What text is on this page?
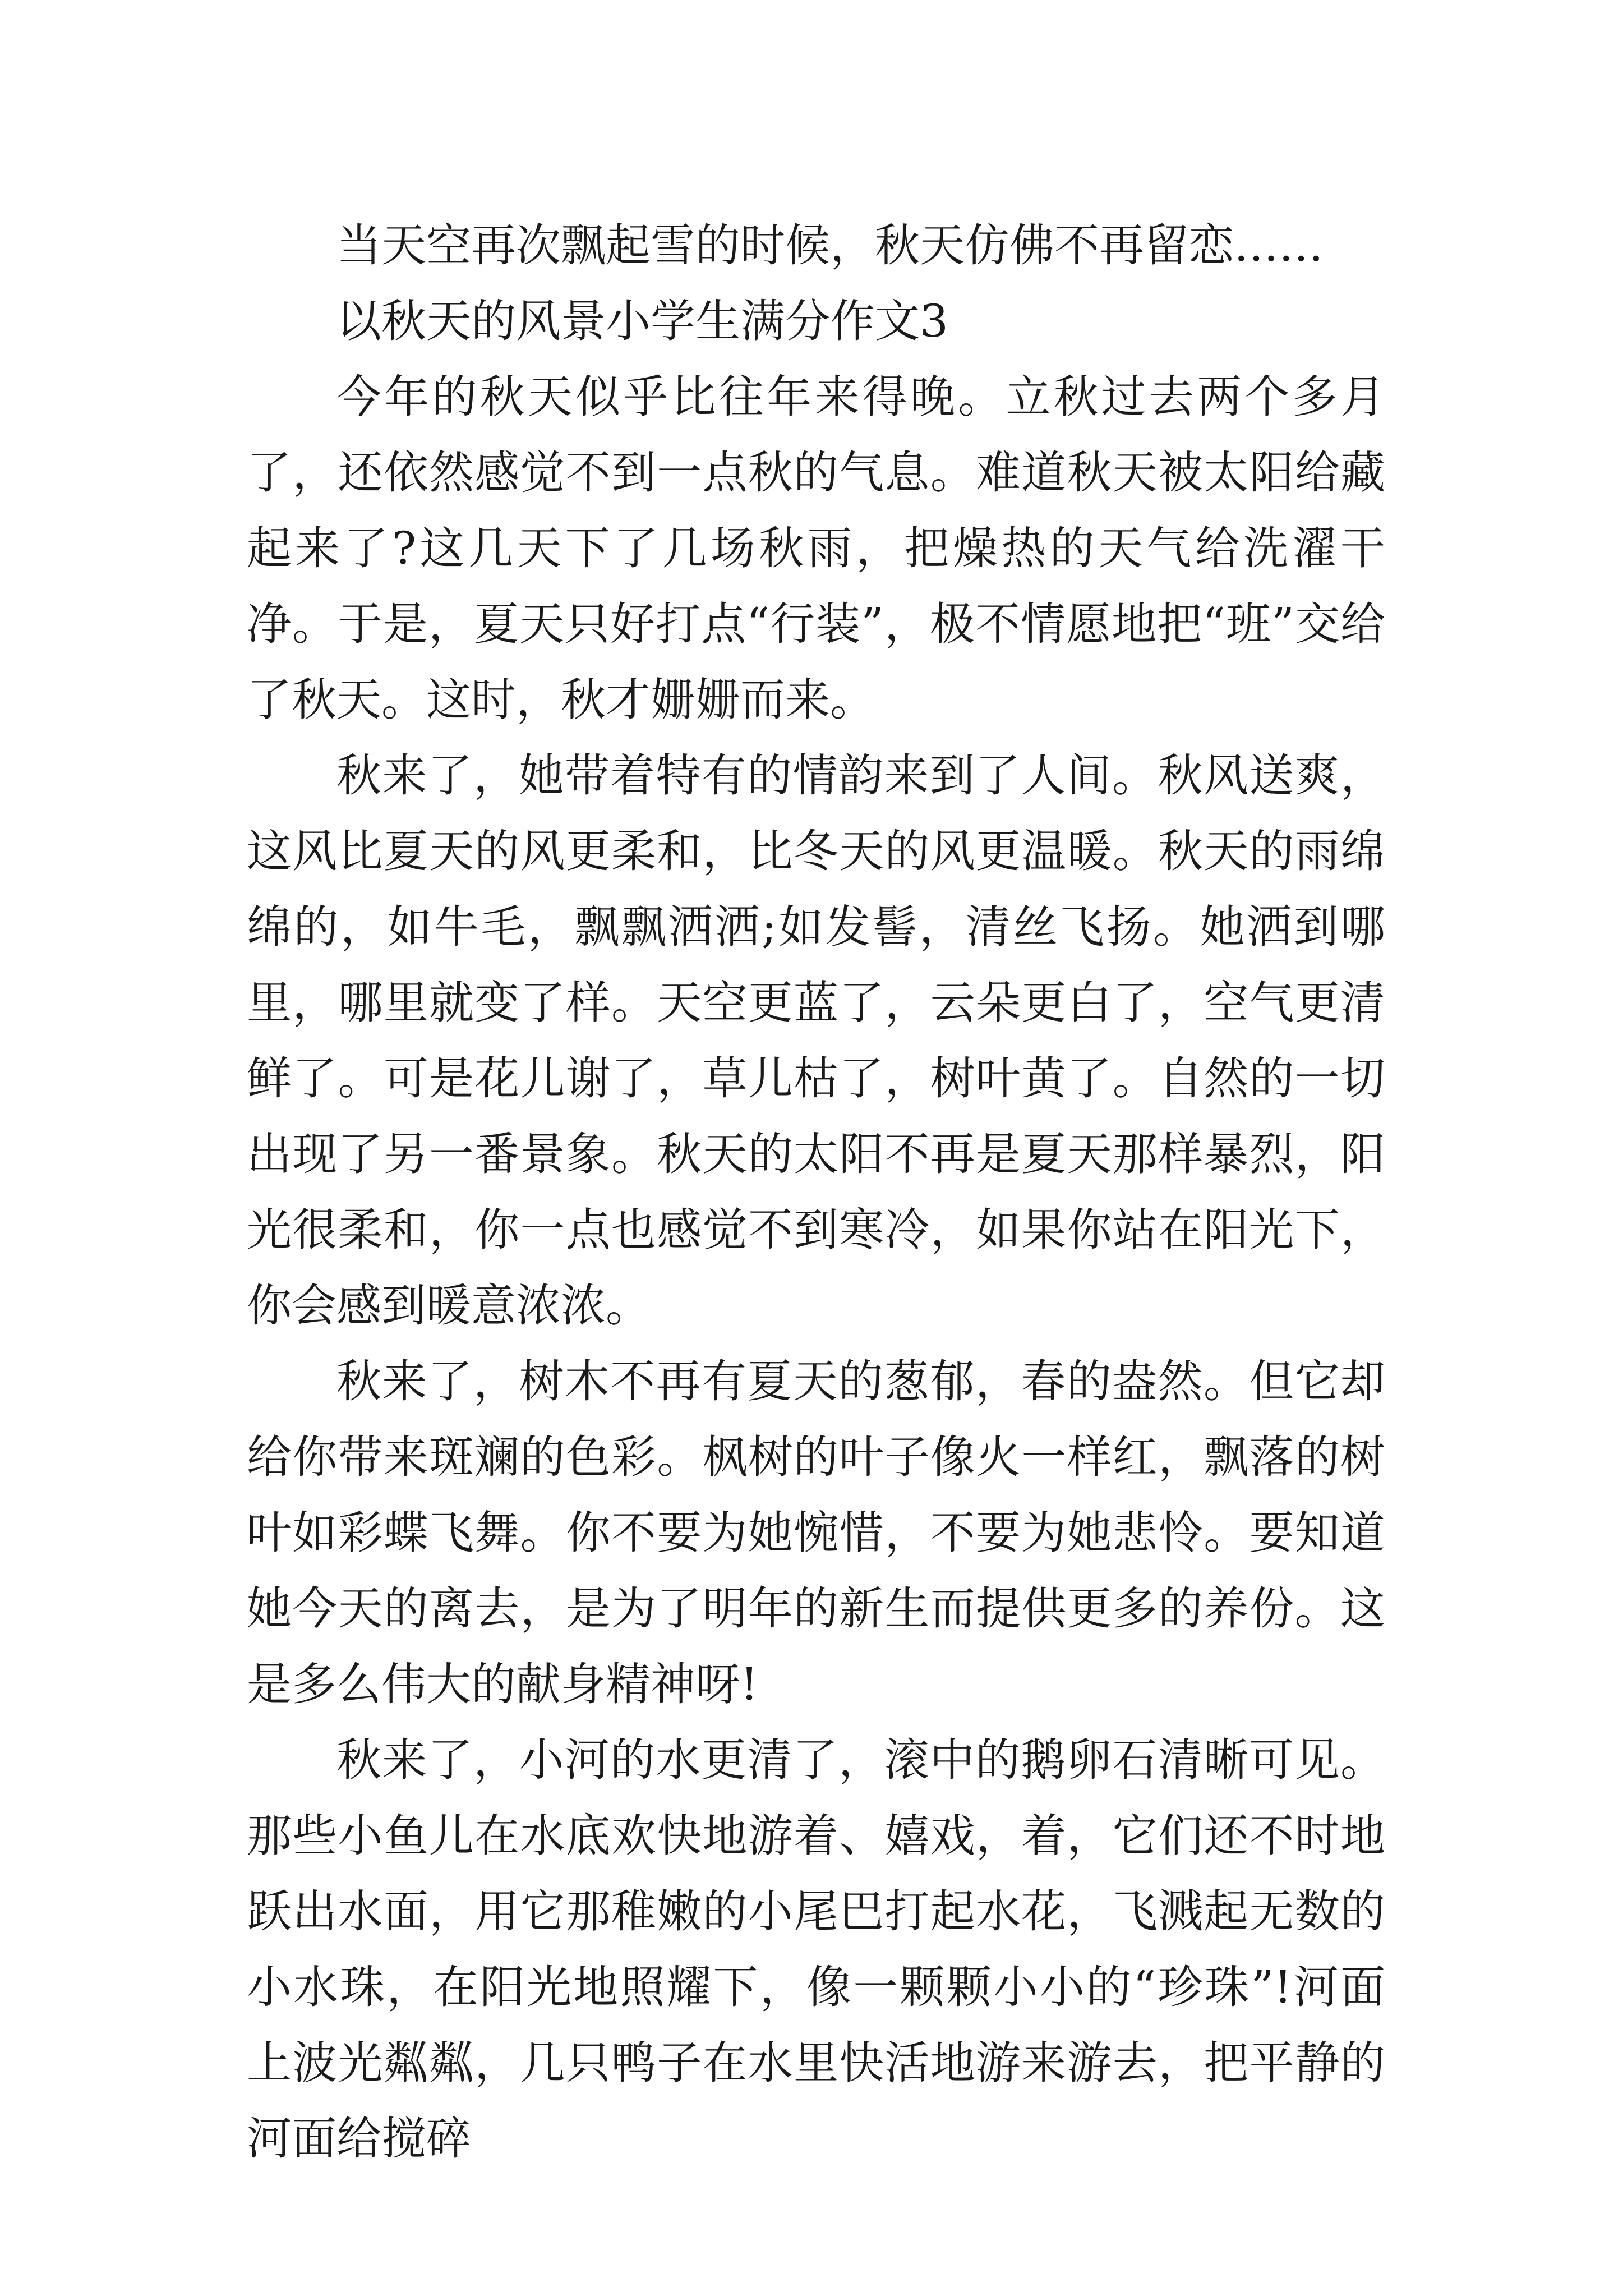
当天空再次飘起雪的时候，秋天仿佛不再留恋……

以秋天的风景小学生满分作文3

今年的秋天似乎比往年来得晚。立秋过去两个多月了，还依然感觉不到一点秋的气息。难道秋天被太阳给藏起来了?这几天下了几场秋雨，把燥热的天气给洗濯干净。于是，夏天只好打点“行装”，极不情愿地把“班”交给了秋天。这时，秋才姗姗而来。

秋来了，她带着特有的情韵来到了人间。秋风送爽，这风比夏天的风更柔和，比冬天的风更温暖。秋天的雨绵绵的，如牛毛，飘飘洒洒;如发髻，清丝飞扬。她洒到哪里，哪里就变了样。天空更蓝了，云朵更白了，空气更清鲜了。可是花儿谢了，草儿枯了，树叶黄了。自然的一切出现了另一番景象。秋天的太阳不再是夏天那样暴烈，阳光很柔和，你一点也感觉不到寒冷，如果你站在阳光下，你会感到暖意浓浓。

秋来了，树木不再有夏天的葱郁，春的盎然。但它却给你带来斑斓的色彩。枫树的叶子像火一样红，飘落的树叶如彩蝶飞舞。你不要为她惋惜，不要为她悲怜。要知道她今天的离去，是为了明年的新生而提供更多的养份。这是多么伟大的献身精神呀!

秋来了，小河的水更清了，滚中的鹅卵石清晰可见。那些小鱼儿在水底欢快地游着、嬉戏，着，它们还不时地跃出水面，用它那稚嫩的小尾巴打起水花，飞溅起无数的小水珠，在阳光地照耀下，像一颗颗小小的“珍珠”!河面上波光粼粼，几只鸭子在水里快活地游来游去，把平静的河面给搅碎
